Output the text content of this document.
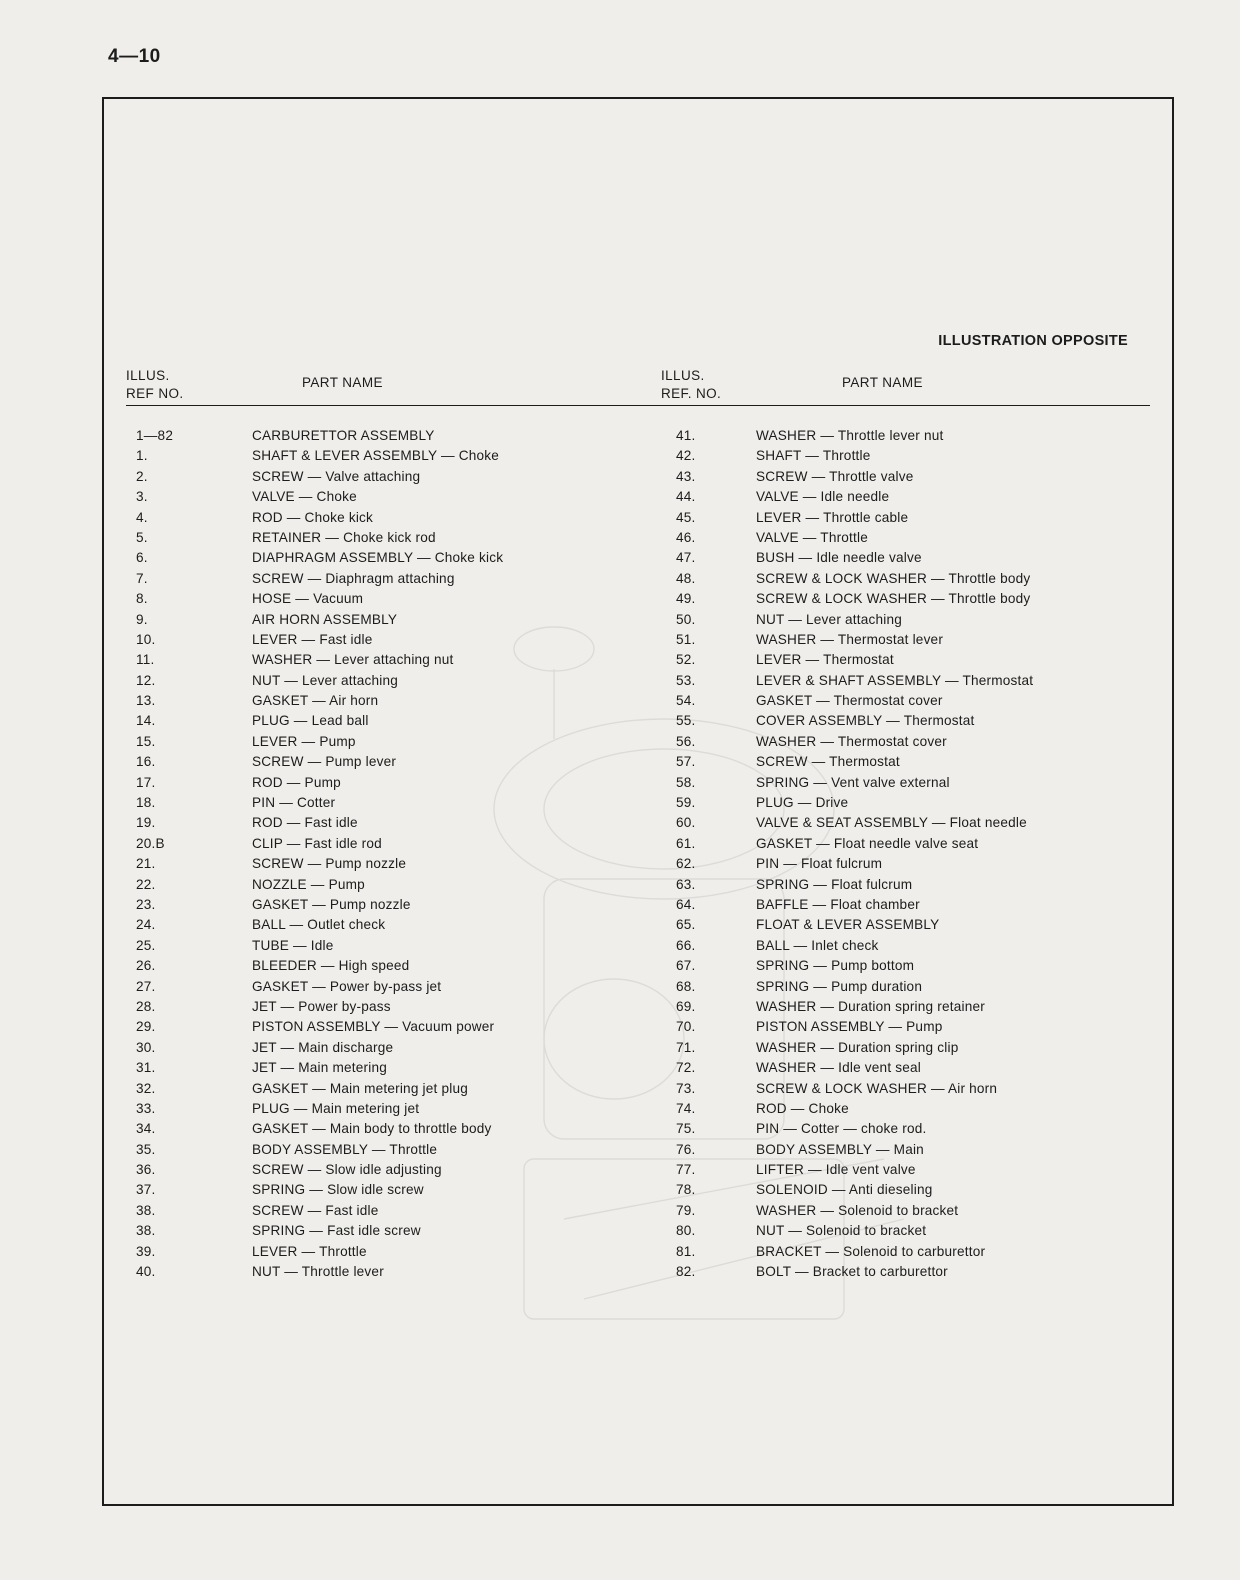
4—10
ILLUSTRATION OPPOSITE
ILLUS.
REF NO.
PART NAME	ILLUS.
REF. NO.
PART NAME
1—82	CARBURETTOR ASSEMBLY
1.	SHAFT & LEVER ASSEMBLY — Choke
2.	SCREW — Valve attaching
3.	VALVE — Choke
4.	ROD — Choke kick
5.	RETAINER — Choke kick rod
6.	DIAPHRAGM ASSEMBLY — Choke kick
7.	SCREW — Diaphragm attaching
8.	HOSE — Vacuum
9.	AIR HORN ASSEMBLY
10.	LEVER — Fast idle
11.	WASHER — Lever attaching nut
12.	NUT — Lever attaching
13.	GASKET — Air horn
14.	PLUG — Lead ball
15.	LEVER — Pump
16.	SCREW — Pump lever
17.	ROD — Pump
18.	PIN — Cotter
19.	ROD — Fast idle
20.B	CLIP — Fast idle rod
21.	SCREW — Pump nozzle
22.	NOZZLE — Pump
23.	GASKET — Pump nozzle
24.	BALL — Outlet check
25.	TUBE — Idle
26.	BLEEDER — High speed
27.	GASKET — Power by-pass jet
28.	JET — Power by-pass
29.	PISTON ASSEMBLY — Vacuum power
30.	JET — Main discharge
31.	JET — Main metering
32.	GASKET — Main metering jet plug
33.	PLUG — Main metering jet
34.	GASKET — Main body to throttle body
35.	BODY ASSEMBLY — Throttle
36.	SCREW — Slow idle adjusting
37.	SPRING — Slow idle screw
38.	SCREW — Fast idle
38.	SPRING — Fast idle screw
39.	LEVER — Throttle
40.	NUT — Throttle lever
41.	WASHER — Throttle lever nut
42.	SHAFT — Throttle
43.	SCREW — Throttle valve
44.	VALVE — Idle needle
45.	LEVER — Throttle cable
46.	VALVE — Throttle
47.	BUSH — Idle needle valve
48.	SCREW & LOCK WASHER — Throttle body
49.	SCREW & LOCK WASHER — Throttle body
50.	NUT — Lever attaching
51.	WASHER — Thermostat lever
52.	LEVER — Thermostat
53.	LEVER & SHAFT ASSEMBLY — Thermostat
54.	GASKET — Thermostat cover
55.	COVER ASSEMBLY — Thermostat
56.	WASHER — Thermostat cover
57.	SCREW — Thermostat
58.	SPRING — Vent valve external
59.	PLUG — Drive
60.	VALVE & SEAT ASSEMBLY — Float needle
61.	GASKET — Float needle valve seat
62.	PIN — Float fulcrum
63.	SPRING — Float fulcrum
64.	BAFFLE — Float chamber
65.	FLOAT & LEVER ASSEMBLY
66.	BALL — Inlet check
67.	SPRING — Pump bottom
68.	SPRING — Pump duration
69.	WASHER — Duration spring retainer
70.	PISTON ASSEMBLY — Pump
71.	WASHER — Duration spring clip
72.	WASHER — Idle vent seal
73.	SCREW & LOCK WASHER — Air horn
74.	ROD — Choke
75.	PIN — Cotter — choke rod.
76.	BODY ASSEMBLY — Main
77.	LIFTER — Idle vent valve
78.	SOLENOID — Anti dieseling
79.	WASHER — Solenoid to bracket
80.	NUT — Solenoid to bracket
81.	BRACKET — Solenoid to carburettor
82.	BOLT — Bracket to carburettor
